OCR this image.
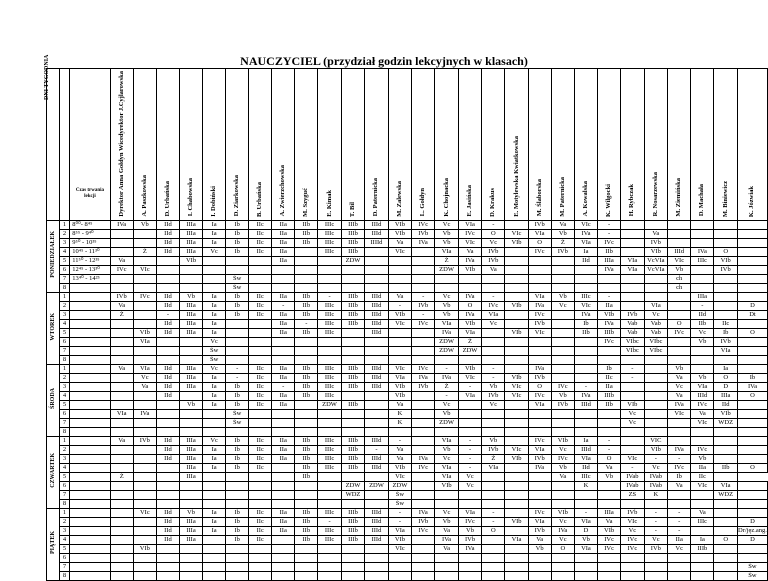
NAUCZYCIEL (przydział godzin lekcyjnych w klasach)
DNI TYGODNIA

		Czas trwania lekcji	Dyrektor Anna Gołdyn Wicedyrektor J.Cyjlarowska	A. Paszkowska	D. Urbańska	I. Chabowska	I. Dobiński	D. Ziarkowska	B. Urbańska	A. Zwierzchowska	M. Szyguć	E. Kimak	T. Bil	D. Paternicka	M. Zalewska	L. Gołdyn	K. Chojnacka	E. Jasińska	D. Krakus	E. Motylewska Kwiatkowska	M. Ślaborska	M. Paternicka	A. Kowalska	K. Wilgocki	H. Rybczak	R. Nosarzewska	M. Ziemińska	D. Machała	M. Biniewicz	K. Józwiak
PONIEDZIAŁEK	1	8⁰⁰- 8⁴⁵	IVa	Vb	IId	IIIa	Ia	Ib	IIc	IIa	IIb	IIIc	IIIb	IIId	VIb	IVc	Vc	VIa	-		IVb	Va	VIc	-						
	2	8⁵⁵ - 9⁴⁰			IId	IIIa	Ia	Ib	IIc	IIa	IIb	IIIc	IIIb	IIId	VIb	IVb	Vb	IVc	O	VIc	VIa	Vb	IVa	-		Va				
	3	9⁵⁰ - 10³⁵			IId	IIIa	Ia	Ib	IIc	IIa	IIb	IIIc	IIIb	IIIId	Va	IVa	Vb	VIc	Vc	VIb	O	Ż	VIa	IVc		IVb				
	4	10⁴⁵ - 11³⁰		Ż	IId	IIIa	Vc	Ib	IIc	IIa		IIIc	IIIb		VIc		VIa	Va	IVb		IVc	IVb	Ia	IIb		VIb	IIId	IVa	O	
	5	11⁵⁰ - 12³⁵	Va			VIb				IIa			ZDW				Ż	IVa	IVb				IId	IIIa	VIa	VcVIa	VIc	IIIc	VIb	
	6	12⁴⁵ - 13³⁰	IVc	VIc													ZDW	VIb	Va					IVa	VIa	VcVIa	Vb		IVb	
	7	13⁴⁰ - 14²⁵						Św																			ch			
	8							Św																			ch			
WTOREK	1		IVb	IVc	IId	Vb	Ia	Ib	IIc	IIa	IIb	-	IIIb	IIId	Va	-	Vc	IVa	-		VIa	Vb	IIIc	-				IIIa		
	2		Va		IId	IIIa	Ia	Ib	IIc	-	IIb	IIIc	IIIb	IIId	-	IVb	Vb	O	IVc	VIb	IVa	Vc	VIc	IIa		VIa		-		D
	3		Ż		-	IIIa	Ia	Ib	IIc	IIa	IIb	IIIc	IIIb	IIId	VIb	-	Vb	IVa	VIa		IVc		IVa	VIb	IVb	Vc		IId		Dt
	4				IId	IIIa	Ia			IIa	-	IIIc	IIIb	IIId	VIc	IVc	VIa	VIb	Vc		IVb		Ib	IVa	Vab	Vab	O	IIb	IIc	
	5			VIb	IId	IIIa	Ia			IIa	IIb	IIIc		IIId			IVa	VIa		VIb	VIc		IIb	IIIb	Vab	Vab	IVc	Vc	Ib	O
	6			VIa			Vc										ZDW	Ż						IVc	VIbc	VIbc		Vb	IVb	
	7						Św										ZDW	ZDW							VIbc	VIbc			VIa	
	8						Św																							
ŚRODA	1		Va	VIa	IId	IIIa	Vc	-	IIc	IIa	IIb	IIIc	IIIb	IIId	VIc	IVc	-	VIb	-		IVa			Ib	-		Vb		Ia	
	2			Vc	IId	IIIa	Ia	-	IIc	IIa	IIb	IIIc	IIIb	IIId	VIa	IVa	IVa	VIc	-	VIb	IVb			IIc	-		Va	Vb	O	Ib
	3			Va	IId	IIIa	Ia	Ib	IIc	-	IIb	IIIc	IIIb	IIId	VIb	IVb	Ż	-	Vb	VIc	O	IVc	-	IIa			Vc	VIa	D	IVa
	4				IId		Ia	Ib	IIc	IIa	IIb	IIIc			VIb		-	VIa	IVb	VIc	IVc	Vb	IVa	IIIb			Va	IIId	IIIa	O
	5					Vb	Ia	Ib	IIc	IIa		ZDW	IIIb		Va		Vc		Vc		VIa	IVb	IIId	IIb	VIb		IVa	IVc	IId	
	6		VIa	IVa				Św							K		Vb								Vc		VIc	Va	VIb	
	7							Św							K		ZDW								Vc			VIc	WDZ	
	8																													
CZWARTEK	1		Va	IVb	IId	IIIa	Vc	Ib	IIc	IIa	IIb	IIIc	IIIb	IIId	-		VIa	-	Vb		IVc	VIb	Ia	-		VIC				
	2				IId	IIIa	Ia	Ib	IIc	IIa	IIb	IIIc	IIIb	-	Va		Vb	-	IVb	VIc	VIa	Vc	IIId	-		VIb	IVa	IVc		
	3				IId	IIIa	Ia	Ib	IIc	IIa	IIb	IIIc	IIIb	IIId	Va	IVa	Vc	-	Ż	VIb	IVb	IVc	VIa	O	VIc	-	-	Vb		
	4					IIIa	Ia	Ib	IIc		IIb	IIIc	IIIb	IIId	VIb	IVc	VIa	-	VIa		IVa	Vb	IId	Va	-	Vc	IVc	IIa	IIb	O
	5		Ż			IIIa					IIb				VIc		VIa	Vc				Va	IIIc	Vb	IVab	IVab	Ib	IIc		
	6												ZDW	ZDW	ZDW		VIb	Vc					K		IVab	IVab	Va	VIc	VIa	
	7												WDZ		Św										ZS	K			WDZ	
	8														Św															
PIĄTEK	1			VIc	IId	Vb	Ia	Ib	IIc	IIa	IIb	IIIc	IIIb	IIId	-	IVa	Vc	VIa	-		IVc	VIb	-	IIIa	IVb	-	-	Va		
	2				IId	IIIa	Ia	Ib	IIc	IIa	IIb	-	IIIb	IIId	-	IVb	Vb	IVc	-	VIb	VIa	Vc	VIa	Va	VIc	-	-	IIIc		D
	3				IId	IIIa	Ia	Ib	IIc	IIa	IIb	IIIc	IIIb	IIId	VIa	IVc	Va	Vb	O		IVb	IVa	D	VIb	Vc	-	-			Dr/jęz.ang.
	4				IId	IIIa		Ib	IIc		IIb	IIIc	IIIb	IIId	VIb		IVa	IVb		VIa	Va	Vc	Vb	IVc	IVc	Vc	IIa	Ia	O	D
	5			VIb											VIc		Va	IVa			Vb	O	VIa	IVc	IVc	IVb	Vc	IIIb		
	6																													
	7																													Św
	8																													Św
